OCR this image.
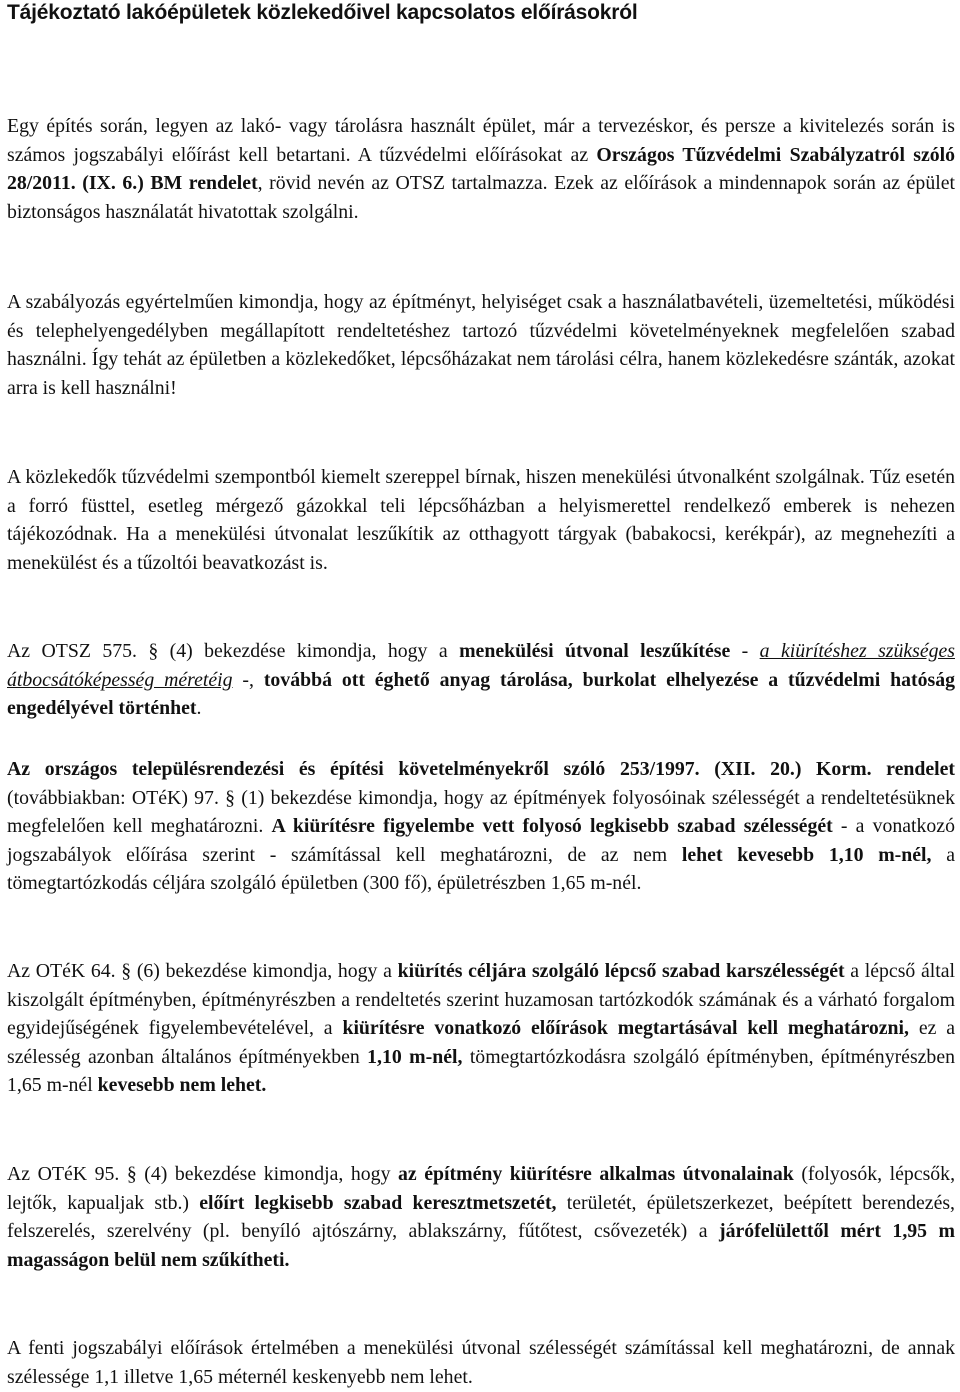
Tájékoztató lakóépületek közlekedőivel kapcsolatos előírásokról

Egy építés során, legyen az lakó- vagy tárolásra használt épület, már a tervezéskor, és persze a kivitelezés során is számos jogszabályi előírást kell betartani. A tűzvédelmi előírásokat az Országos Tűzvédelmi Szabályzatról szóló 28/2011. (IX. 6.) BM rendelet, rövid nevén az OTSZ tartalmazza. Ezek az előírások a mindennapok során az épület biztonságos használatát hivatottak szolgálni.

A szabályozás egyértelműen kimondja, hogy az építményt, helyiséget csak a használatbavételi, üzemeltetési, működési és telephelyengedélyben megállapított rendeltetéshez tartozó tűzvédelmi követelményeknek megfelelően szabad használni. Így tehát az épületben a közlekedőket, lépcsőházakat nem tárolási célra, hanem közlekedésre szánták, azokat arra is kell használni!

A közlekedők tűzvédelmi szempontból kiemelt szereppel bírnak, hiszen menekülési útvonalként szolgálnak. Tűz esetén a forró füsttel, esetleg mérgező gázokkal teli lépcsőházban a helyismerettel rendelkező emberek is nehezen tájékozódnak. Ha a menekülési útvonalat leszűkítik az otthagyott tárgyak (babakocsi, kerékpár), az megnehezíti a menekülést és a tűzoltói beavatkozást is.

Az OTSZ 575. § (4) bekezdése kimondja, hogy a menekülési útvonal leszűkítése - a kiürítéshez szükséges átbocsátóképesség méretéig -, továbbá ott éghető anyag tárolása, burkolat elhelyezése a tűzvédelmi hatóság engedélyével történhet.

Az országos településrendezési és építési követelményekről szóló 253/1997. (XII. 20.) Korm. rendelet (továbbiakban: OTéK) 97. § (1) bekezdése kimondja, hogy az építmények folyosóinak szélességét a rendeltetésüknek megfelelően kell meghatározni. A kiürítésre figyelembe vett folyosó legkisebb szabad szélességét - a vonatkozó jogszabályok előírása szerint - számítással kell meghatározni, de az nem lehet kevesebb 1,10 m-nél, a tömegtartózkodás céljára szolgáló épületben (300 fő), épületrészben 1,65 m-nél.

Az OTéK 64. § (6) bekezdése kimondja, hogy a kiürítés céljára szolgáló lépcső szabad karszélességét a lépcső által kiszolgált építményben, építményrészben a rendeltetés szerint huzamosan tartózkodók számának és a várható forgalom egyidejűségének figyelembevételével, a kiürítésre vonatkozó előírások megtartásával kell meghatározni, ez a szélesség azonban általános építményekben 1,10 m-nél, tömegtartózkodásra szolgáló építményben, építményrészben 1,65 m-nél kevesebb nem lehet.

Az OTéK 95. § (4) bekezdése kimondja, hogy az építmény kiürítésre alkalmas útvonalainak (folyosók, lépcsők, lejtők, kapualjak stb.) előírt legkisebb szabad keresztmetszetét, területét, épületszerkezet, beépített berendezés, felszerelés, szerelvény (pl. benyíló ajtószárny, ablakszárny, fűtőtest, csővezeték) a járófelülettől mért 1,95 m magasságon belül nem szűkítheti.

A fenti jogszabályi előírások értelmében a menekülési útvonal szélességét számítással kell meghatározni, de annak szélessége 1,1 illetve 1,65 méternél keskenyebb nem lehet.
